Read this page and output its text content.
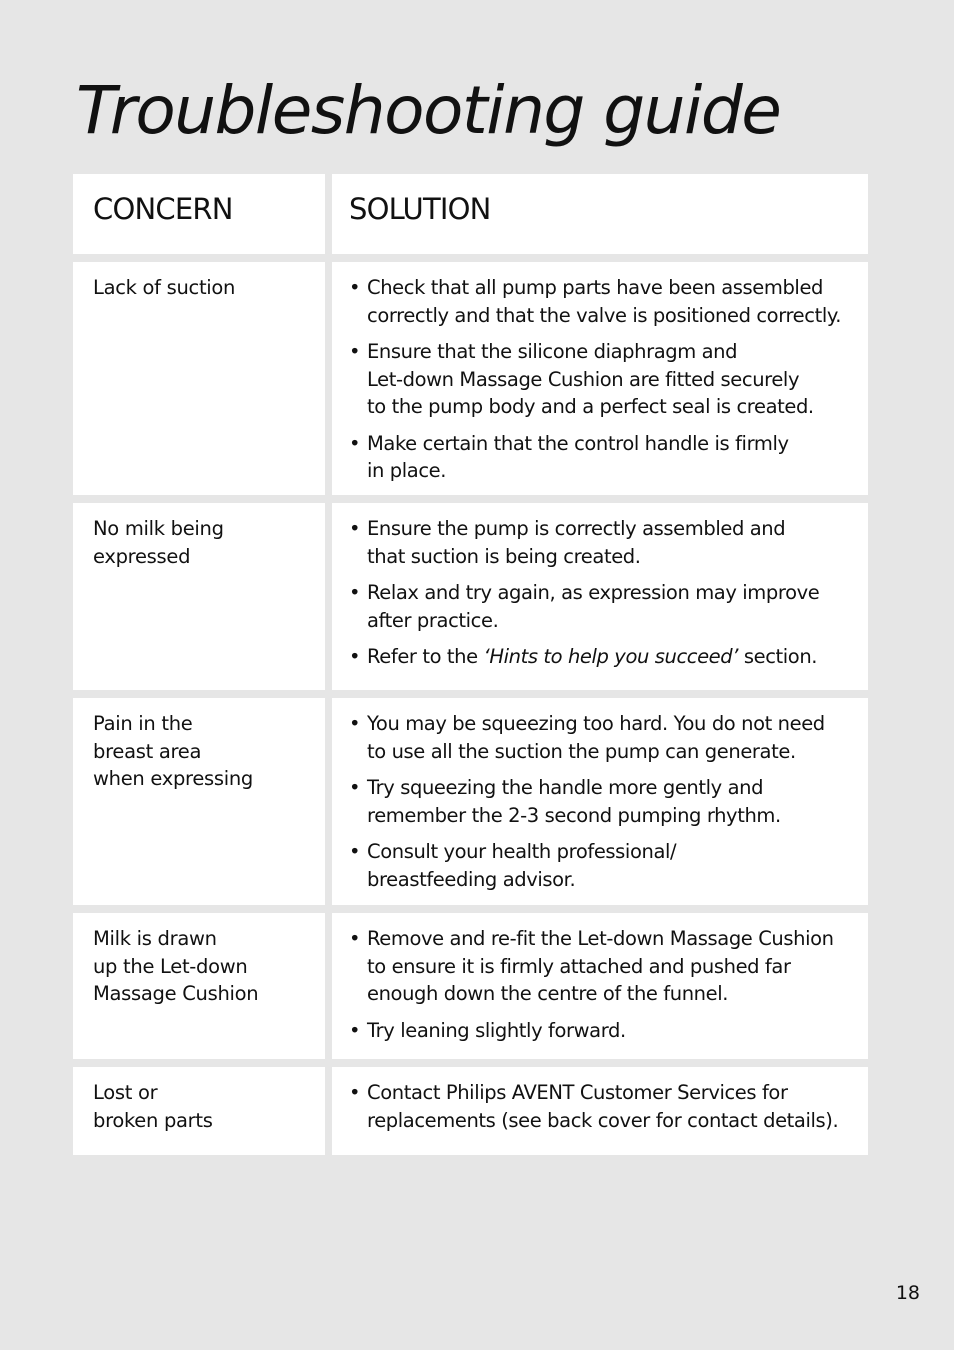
Troubleshooting guide
CONCERN	SOLUTION
Lack of suction
•	Check that all pump parts have been assembled
correctly and that the valve is positioned correctly.
• Ensure that the silicone diaphragm and
Let-down Massage Cushion are fitted securely
to the pump body and a perfect seal is created.
• Make certain that the control handle is firmly
in place.
No milk being
expressed
• Ensure the pump is correctly assembled and
that suction is being created.
• Relax and try again, as expression may improve
after practice.
• Refer to the ‘Hints to help you succeed’ section.
Pain in the
breast area
when expressing
• You may be squeezing too hard. You do not need
to use all the suction the pump can generate.
• Try squeezing the handle more gently and
remember the 2-3 second pumping rhythm.
• Consult your health professional/
breastfeeding advisor.
Milk is drawn
up the Let-down
Massage Cushion
• Remove and re-fit the Let-down Massage Cushion
to ensure it is firmly attached and pushed far
enough down the centre of the funnel.
• Try leaning slightly forward.
Lost or
broken parts
• Contact Philips AVENT Customer Services for
replacements (see back cover for contact details).
18
